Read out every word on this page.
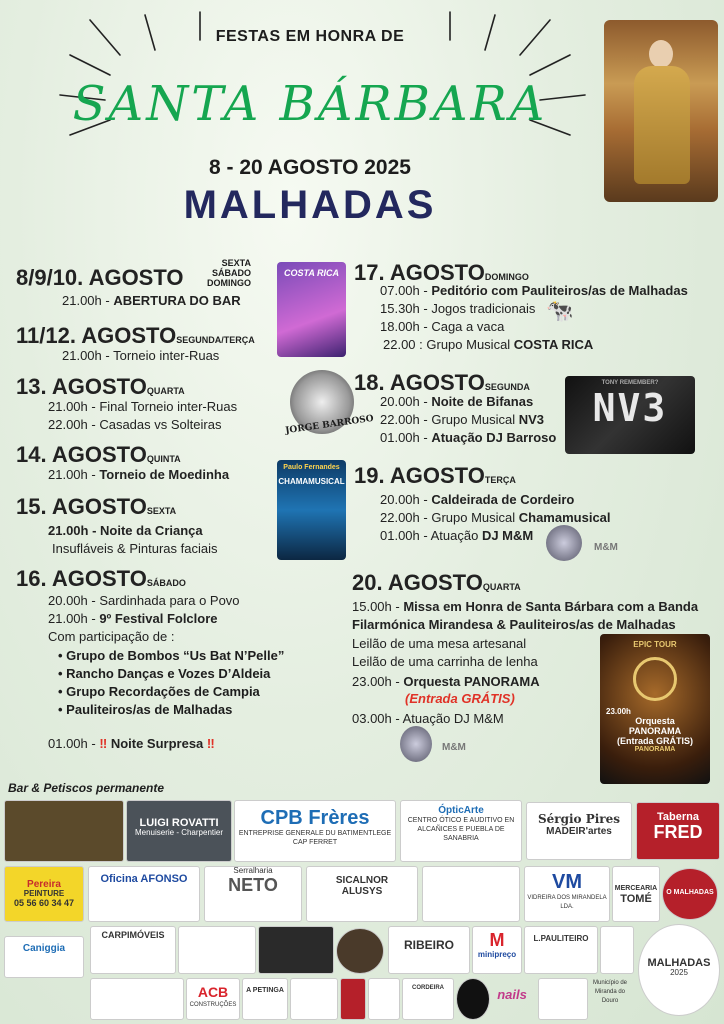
FESTAS EM HONRA DE
SANTA BÁRBARA
8 - 20 AGOSTO 2025
MALHADAS
8/9/10. AGOSTO
SEXTA
SÁBADO
DOMINGO
21.00h - ABERTURA DO BAR
11/12. AGOSTOSEGUNDA/TERÇA
21.00h - Torneio inter-Ruas
13. AGOSTOQUARTA
21.00h - Final Torneio inter-Ruas
22.00h - Casadas vs Solteiras
14. AGOSTOQUINTA
21.00h - Torneio de Moedinha
15. AGOSTOSEXTA
21.00h - Noite da Criança
Insufláveis & Pinturas faciais
16. AGOSTOSÁBADO
20.00h - Sardinhada para o Povo
21.00h - 9º Festival Folclore
Com participação de :
• Grupo de Bombos “Us Bat N’Pelle”
• Rancho Danças e Vozes D’Aldeia
• Grupo Recordações de Campia
• Pauliteiros/as de Malhadas
01.00h - ‼ Noite Surpresa ‼
17. AGOSTODOMINGO
07.00h - Peditório com Pauliteiros/as de Malhadas
15.30h - Jogos tradicionais
18.00h - Caga a vaca
22.00 : Grupo Musical COSTA RICA
🐄
18. AGOSTOSEGUNDA
20.00h - Noite de Bifanas
22.00h - Grupo Musical NV3
01.00h - Atuação DJ Barroso
19. AGOSTOTERÇA
20.00h - Caldeirada de Cordeiro
22.00h - Grupo Musical Chamamusical
01.00h - Atuação DJ M&M
20. AGOSTOQUARTA
15.00h - Missa em Honra de Santa Bárbara com a Banda
Filarmónica Mirandesa & Pauliteiros/as de Malhadas
Leilão de uma mesa artesanal
Leilão de uma carrinha de lenha
23.00h - Orquesta PANORAMA
(Entrada GRÁTIS)
03.00h - Atuação DJ M&M
COSTA RICA
JORGE BARROSO
TONY REMEMBER?
NV3
Paulo Fernandes
CHAMAMUSICAL
M&M
M&M
EPIC TOUR
23.00h
Orquesta
PANORAMA
(Entrada GRÁTIS)
PANORAMA
Bar & Petiscos permanente
LUIGI ROVATTI
Menuiserie - Charpentier
CPB Frères
ENTREPRISE GENERALE DU BATIMENTLEGE CAP FERRET
ÓpticArte
CENTRO ÓTICO E AUDITIVO EN ALCAÑICES E PUEBLA DE SANABRIA
Sérgio Pires
MADEIR'artes
Taberna
FRED
Pereira
PEINTURE
05 56 60 34 47
Oficina AFONSO
Serralharia
NETO	SICALNOR
ALUSYS	VM
VIDREIRA DOS MIRANDELA LDA.
MERCEARIA
TOMÉ
O MALHADAS
CARPIMÓVEIS
RIBEIRO	M
minipreço
L.PAULITEIRO
MALHADAS
2025
Caniggia
ACB
CONSTRUÇÕES
A PETINGA	CORDEIRA	nails
Município de Miranda do Douro
